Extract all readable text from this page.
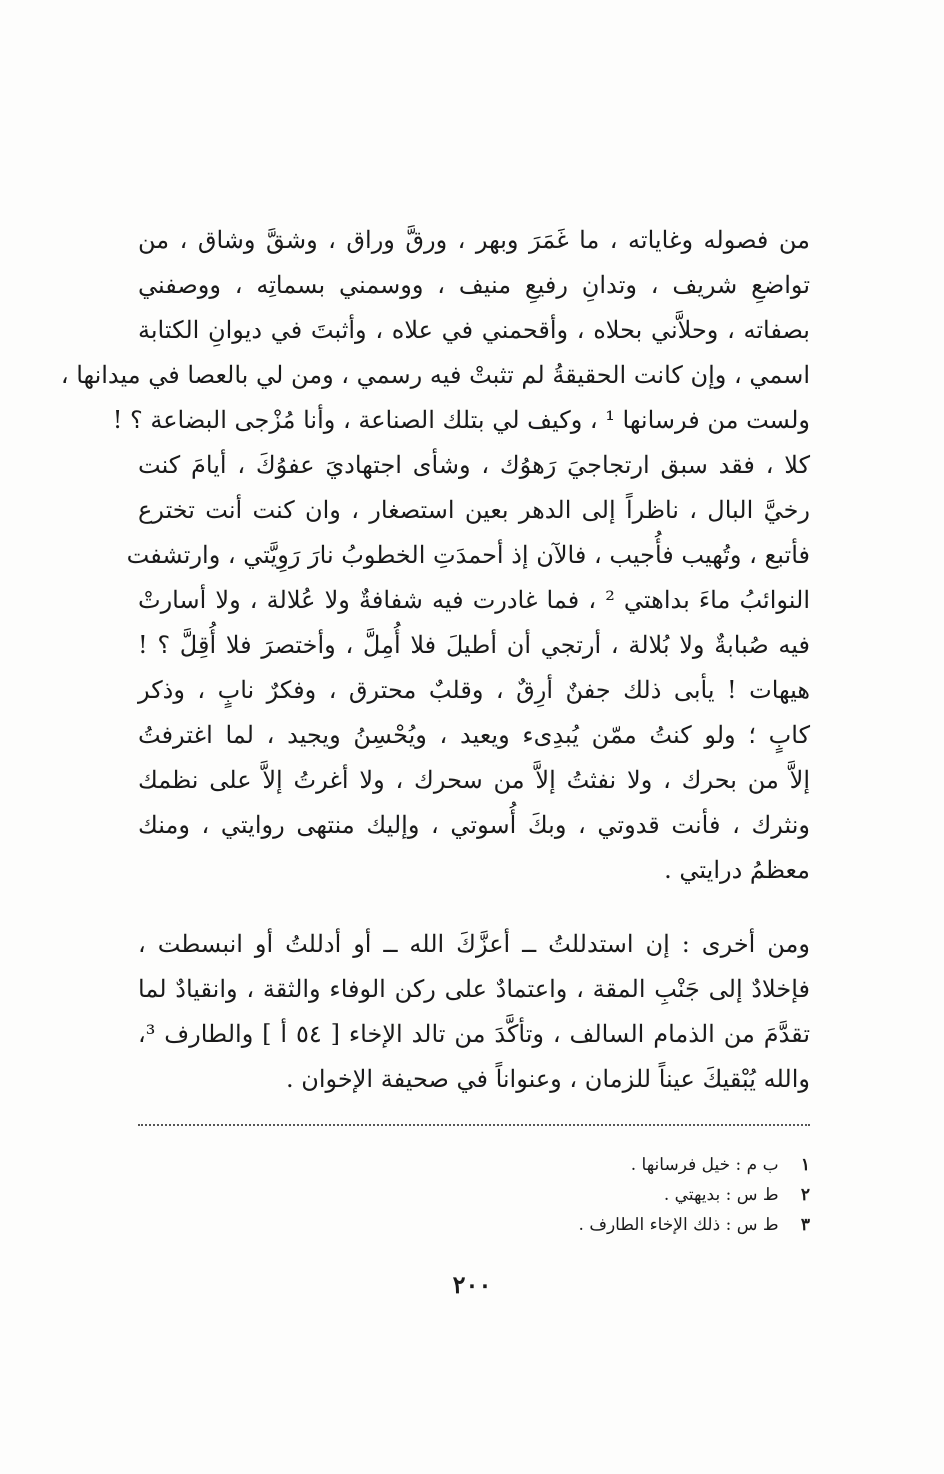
من فصوله وغاياته ، ما غَمَرَ وبهر ، ورقَّ وراق ، وشقَّ وشاق ، من
تواضعِ شريف ، وتدانِ رفيعِ منيف ، ووسمني بسماتِه ، ووصفني
بصفاته ، وحلاَّني بحلاه ، وأقحمني في علاه ، وأثبتَ في ديوانِ الكتابة
اسمي ، وإن كانت الحقيقةُ لم تثبتْ فيه رسمي ، ومن لي بالعصا في ميدانها ،
ولست من فرسانها ¹ ، وكيف لي بتلك الصناعة ، وأنا مُزْجى البضاعة ؟ !
كلا ، فقد سبق ارتجاجيَ رَهوُك ، وشأى اجتهاديَ عفوُكَ ، أيامَ كنت
رخيَّ البال ، ناظراً إلى الدهر بعين استصغار ، وان كنت أنت تخترع
فأتبع ، وتُهيب فأُجيب ، فالآن إذ أحمدَتِ الخطوبُ نارَ رَوِيَّتي ، وارتشفت
النوائبُ ماءَ بداهتي ² ، فما غادرت فيه شفافةٌ ولا عُلالة ، ولا أسارتْ
فيه صُبابةٌ ولا بُلالة ، أرتجي أن أطيلَ فلا أُمِلَّ ، وأختصرَ فلا أُقِلَّ ؟ !
هيهات ! يأبى ذلك جفنٌ أرِقٌ ، وقلبٌ محترق ، وفكرٌ نابٍ ، وذكر
كابٍ ؛ ولو كنتُ ممّن يُبدِىء ويعيد ، ويُحْسِنُ ويجيد ، لما اغترفتُ
إلاَّ من بحرك ، ولا نفثتُ إلاَّ من سحرك ، ولا أغرتُ إلاَّ على نظمك
ونثرك ، فأنت قدوتي ، وبكَ أُسوتي ، وإليك منتهى روايتي ، ومنك
معظمُ درايتي .
ومن أخرى : إن استدللتُ ــ أعزَّكَ الله ــ أو أدللتُ أو انبسطت ،
فإخلادٌ إلى جَنْبِ المقة ، واعتمادٌ على ركن الوفاء والثقة ، وانقيادٌ لما
تقدَّمَ من الذمام السالف ، وتأكَّدَ من تالد الإخاء [ ٥٤ أ ] والطارف ³،
والله يُبْقيكَ عيناً للزمان ، وعنواناً في صحيفة الإخوان .
١ ب م : خيل فرسانها .
٢ ط س : بديهتي .
٣ ط س : ذلك الإخاء الطارف .
٢٠٠
